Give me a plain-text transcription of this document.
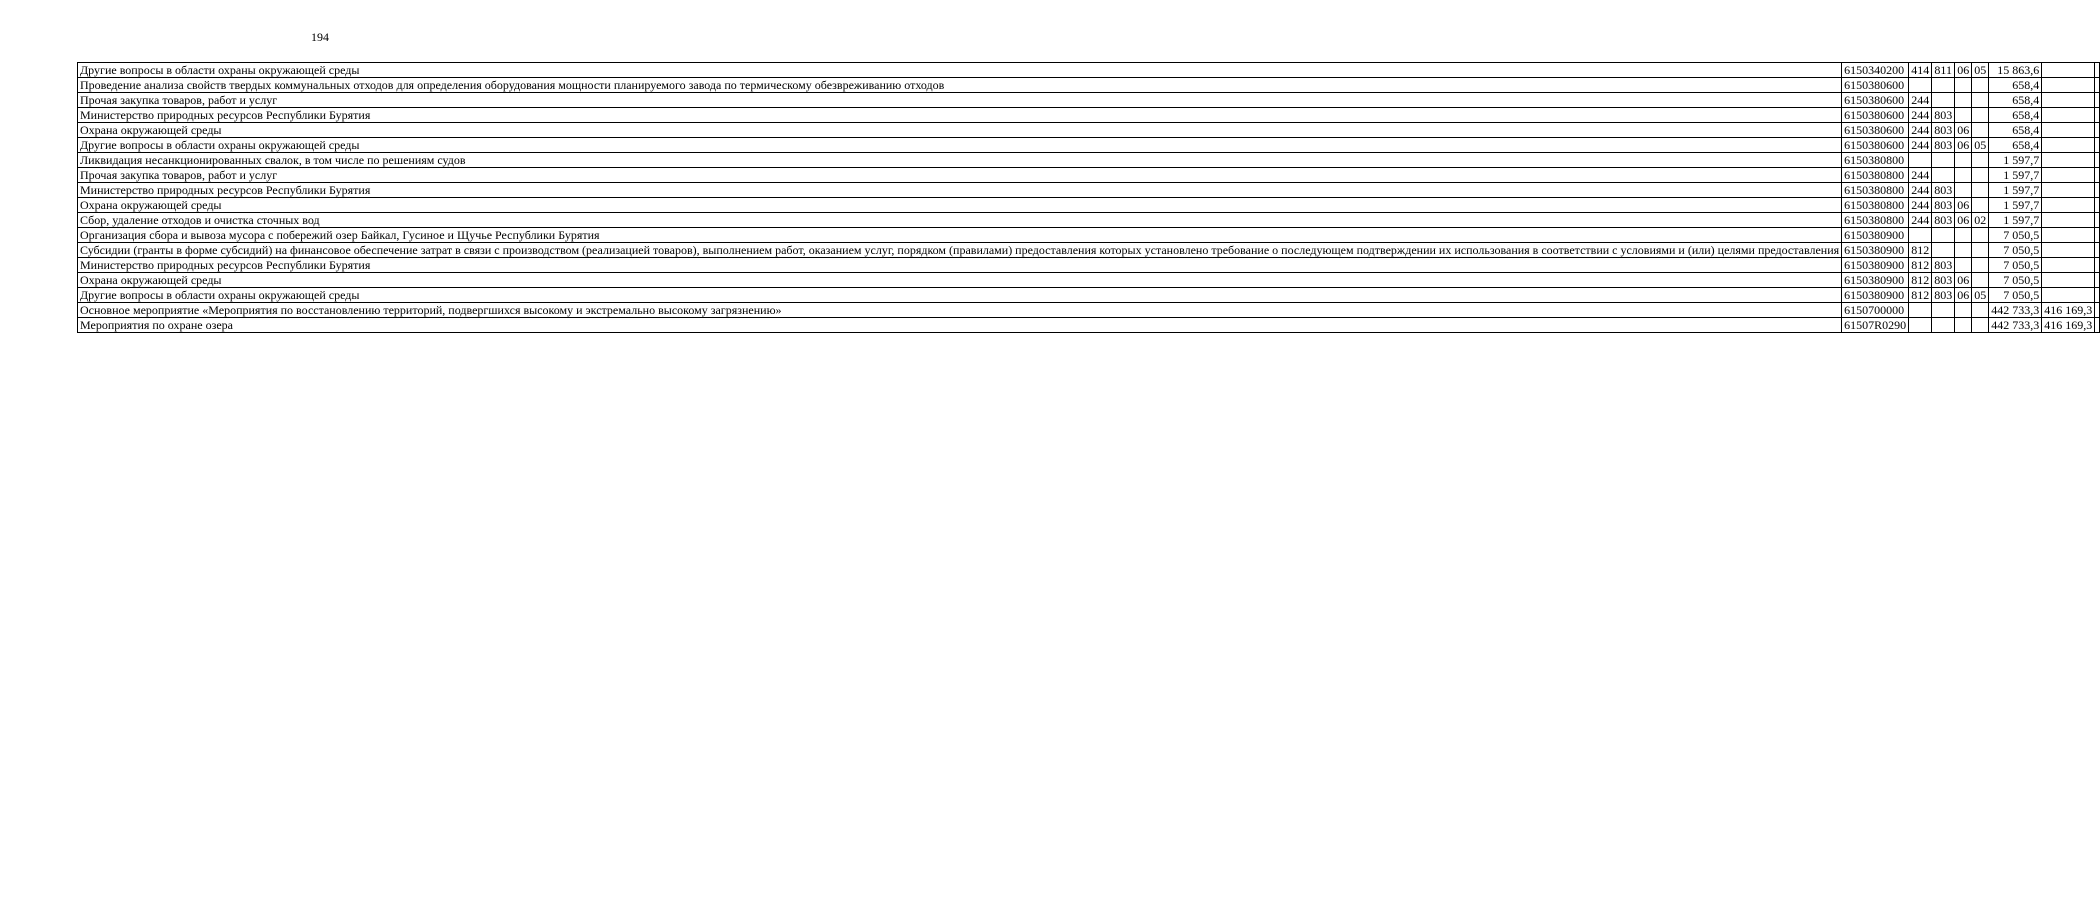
194
Другие вопросы в области охраны окружающей среды	6150340200	414	811	06	05	15 863,6		
Проведение анализа свойств твердых коммунальных отходов для определения оборудования мощности планируемого завода по термическому обезвреживанию отходов	6150380600					658,4		
Прочая закупка товаров, работ и услуг	6150380600	244				658,4		
Министерство природных ресурсов Республики Бурятия	6150380600	244	803			658,4		
Охрана окружающей среды	6150380600	244	803	06		658,4		
Другие вопросы в области охраны окружающей среды	6150380600	244	803	06	05	658,4		
Ликвидация несанкционированных свалок, в том числе по решениям судов	6150380800					1 597,7		
Прочая закупка товаров, работ и услуг	6150380800	244				1 597,7		
Министерство природных ресурсов Республики Бурятия	6150380800	244	803			1 597,7		
Охрана окружающей среды	6150380800	244	803	06		1 597,7		
Сбор, удаление отходов и очистка сточных вод	6150380800	244	803	06	02	1 597,7		
Организация сбора и вывоза мусора с побережий озер Байкал, Гусиное и Щучье Республики Бурятия	6150380900					7 050,5		
Субсидии (гранты в форме субсидий) на финансовое обеспечение затрат в связи с производством (реализацией товаров), выполнением работ, оказанием услуг, порядком (правилами) предоставления которых установлено требование о последующем подтверждении их использования в соответствии с условиями и (или) целями предоставления	6150380900	812				7 050,5		
Министерство природных ресурсов Республики Бурятия	6150380900	812	803			7 050,5		
Охрана окружающей среды	6150380900	812	803	06		7 050,5		
Другие вопросы в области охраны окружающей среды	6150380900	812	803	06	05	7 050,5		
Основное мероприятие «Мероприятия по восстановлению территорий, подвергшихся высокому и экстремально высокому загрязнению»	6150700000					442 733,3	416 169,3	
Мероприятия по охране озера	61507R0290					442 733,3	416 169,3	
